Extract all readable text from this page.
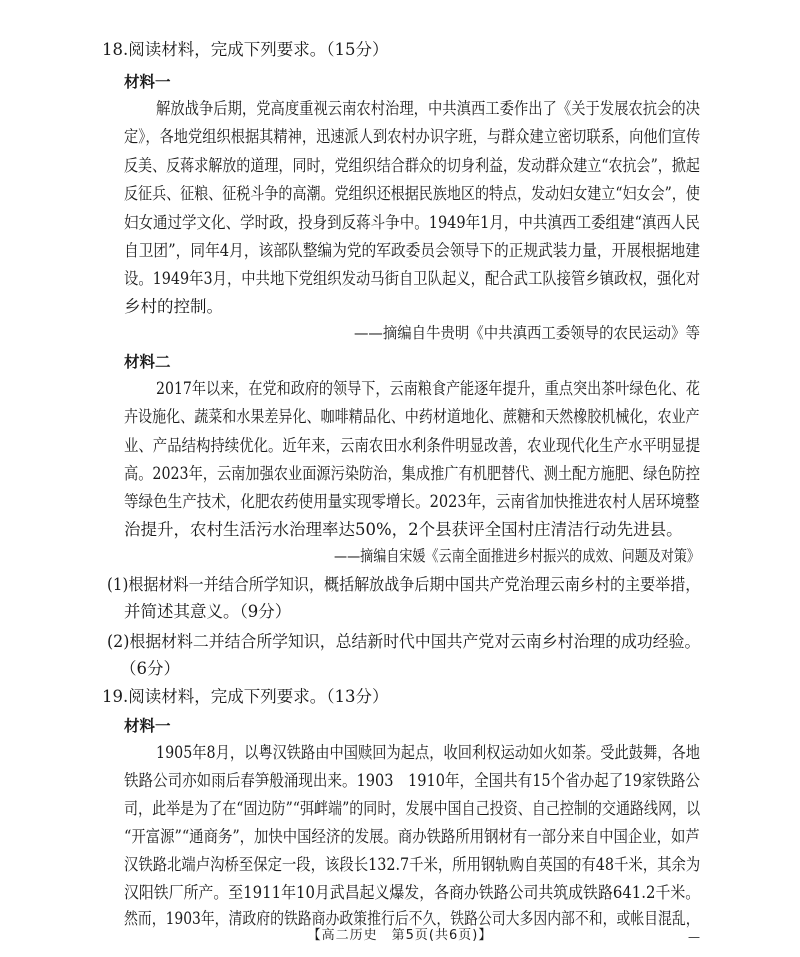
18.阅读材料，完成下列要求。（15分）
材料一
解放战争后期，党高度重视云南农村治理，中共滇西工委作出了《关于发展农抗会的决
定》，各地党组织根据其精神，迅速派人到农村办识字班，与群众建立密切联系，向他们宣传
反美、反蒋求解放的道理，同时，党组织结合群众的切身利益，发动群众建立“农抗会”，掀起
反征兵、征粮、征税斗争的高潮。党组织还根据民族地区的特点，发动妇女建立“妇女会”，使
妇女通过学文化、学时政，投身到反蒋斗争中。1949年1月，中共滇西工委组建“滇西人民
自卫团”，同年4月，该部队整编为党的军政委员会领导下的正规武装力量，开展根据地建
设。1949年3月，中共地下党组织发动马街自卫队起义，配合武工队接管乡镇政权，强化对
乡村的控制。
——摘编自牛贵明《中共滇西工委领导的农民运动》等
材料二
2017年以来，在党和政府的领导下，云南粮食产能逐年提升，重点突出茶叶绿色化、花
卉设施化、蔬菜和水果差异化、咖啡精品化、中药材道地化、蔗糖和天然橡胶机械化，农业产
业、产品结构持续优化。近年来，云南农田水利条件明显改善，农业现代化生产水平明显提
高。2023年，云南加强农业面源污染防治，集成推广有机肥替代、测土配方施肥、绿色防控
等绿色生产技术，化肥农药使用量实现零增长。2023年，云南省加快推进农村人居环境整
治提升，农村生活污水治理率达50%，2个县获评全国村庄清洁行动先进县。
——摘编自宋媛《云南全面推进乡村振兴的成效、问题及对策》
(1)根据材料一并结合所学知识，概括解放战争后期中国共产党治理云南乡村的主要举措，
并简述其意义。（9分）
(2)根据材料二并结合所学知识，总结新时代中国共产党对云南乡村治理的成功经验。
（6分）
19.阅读材料，完成下列要求。（13分）
材料一
1905年8月，以粤汉铁路由中国赎回为起点，收回利权运动如火如荼。受此鼓舞，各地
铁路公司亦如雨后春笋般涌现出来。1903　1910年，全国共有15个省办起了19家铁路公
司，此举是为了在“固边防”“弭衅端”的同时，发展中国自己投资、自己控制的交通路线网，以
“开富源”“通商务”，加快中国经济的发展。商办铁路所用钢材有一部分来自中国企业，如芦
汉铁路北端卢沟桥至保定一段，该段长132.7千米，所用钢轨购自英国的有48千米，其余为
汉阳铁厂所产。至1911年10月武昌起义爆发，各商办铁路公司共筑成铁路641.2千米。
然而，1903年，清政府的铁路商办政策推行后不久，铁路公司大多因内部不和，或帐目混乱，
【高二历史　第5页(共6页)】	—
